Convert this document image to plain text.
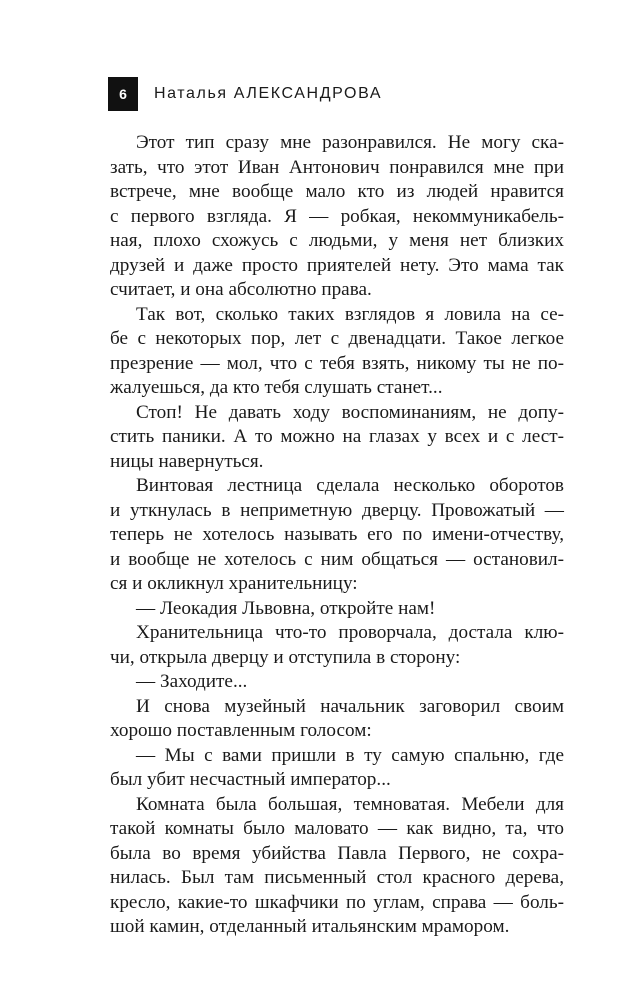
6	Наталья АЛЕКСАНДРОВА
Этот тип сразу мне разонравился. Не могу ска-
зать, что этот Иван Антонович понравился мне при
встрече, мне вообще мало кто из людей нравится
с первого взгляда. Я — робкая, некоммуникабель-
ная, плохо схожусь с людьми, у меня нет близких
друзей и даже просто приятелей нету. Это мама так
считает, и она абсолютно права.
Так вот, сколько таких взглядов я ловила на се-
бе с некоторых пор, лет с двенадцати. Такое легкое
презрение — мол, что с тебя взять, никому ты не по-
жалуешься, да кто тебя слушать станет...
Стоп! Не давать ходу воспоминаниям, не допу-
стить паники. А то можно на глазах у всех и с лест-
ницы навернуться.
Винтовая лестница сделала несколько оборотов
и уткнулась в неприметную дверцу. Провожатый —
теперь не хотелось называть его по имени-отчеству,
и вообще не хотелось с ним общаться — остановил-
ся и окликнул хранительницу:
— Леокадия Львовна, откройте нам!
Хранительница что-то проворчала, достала клю-
чи, открыла дверцу и отступила в сторону:
— Заходите...
И снова музейный начальник заговорил своим
хорошо поставленным голосом:
— Мы с вами пришли в ту самую спальню, где
был убит несчастный император...
Комната была большая, темноватая. Мебели для
такой комнаты было маловато — как видно, та, что
была во время убийства Павла Первого, не сохра-
нилась. Был там письменный стол красного дерева,
кресло, какие-то шкафчики по углам, справа — боль-
шой камин, отделанный итальянским мрамором.
